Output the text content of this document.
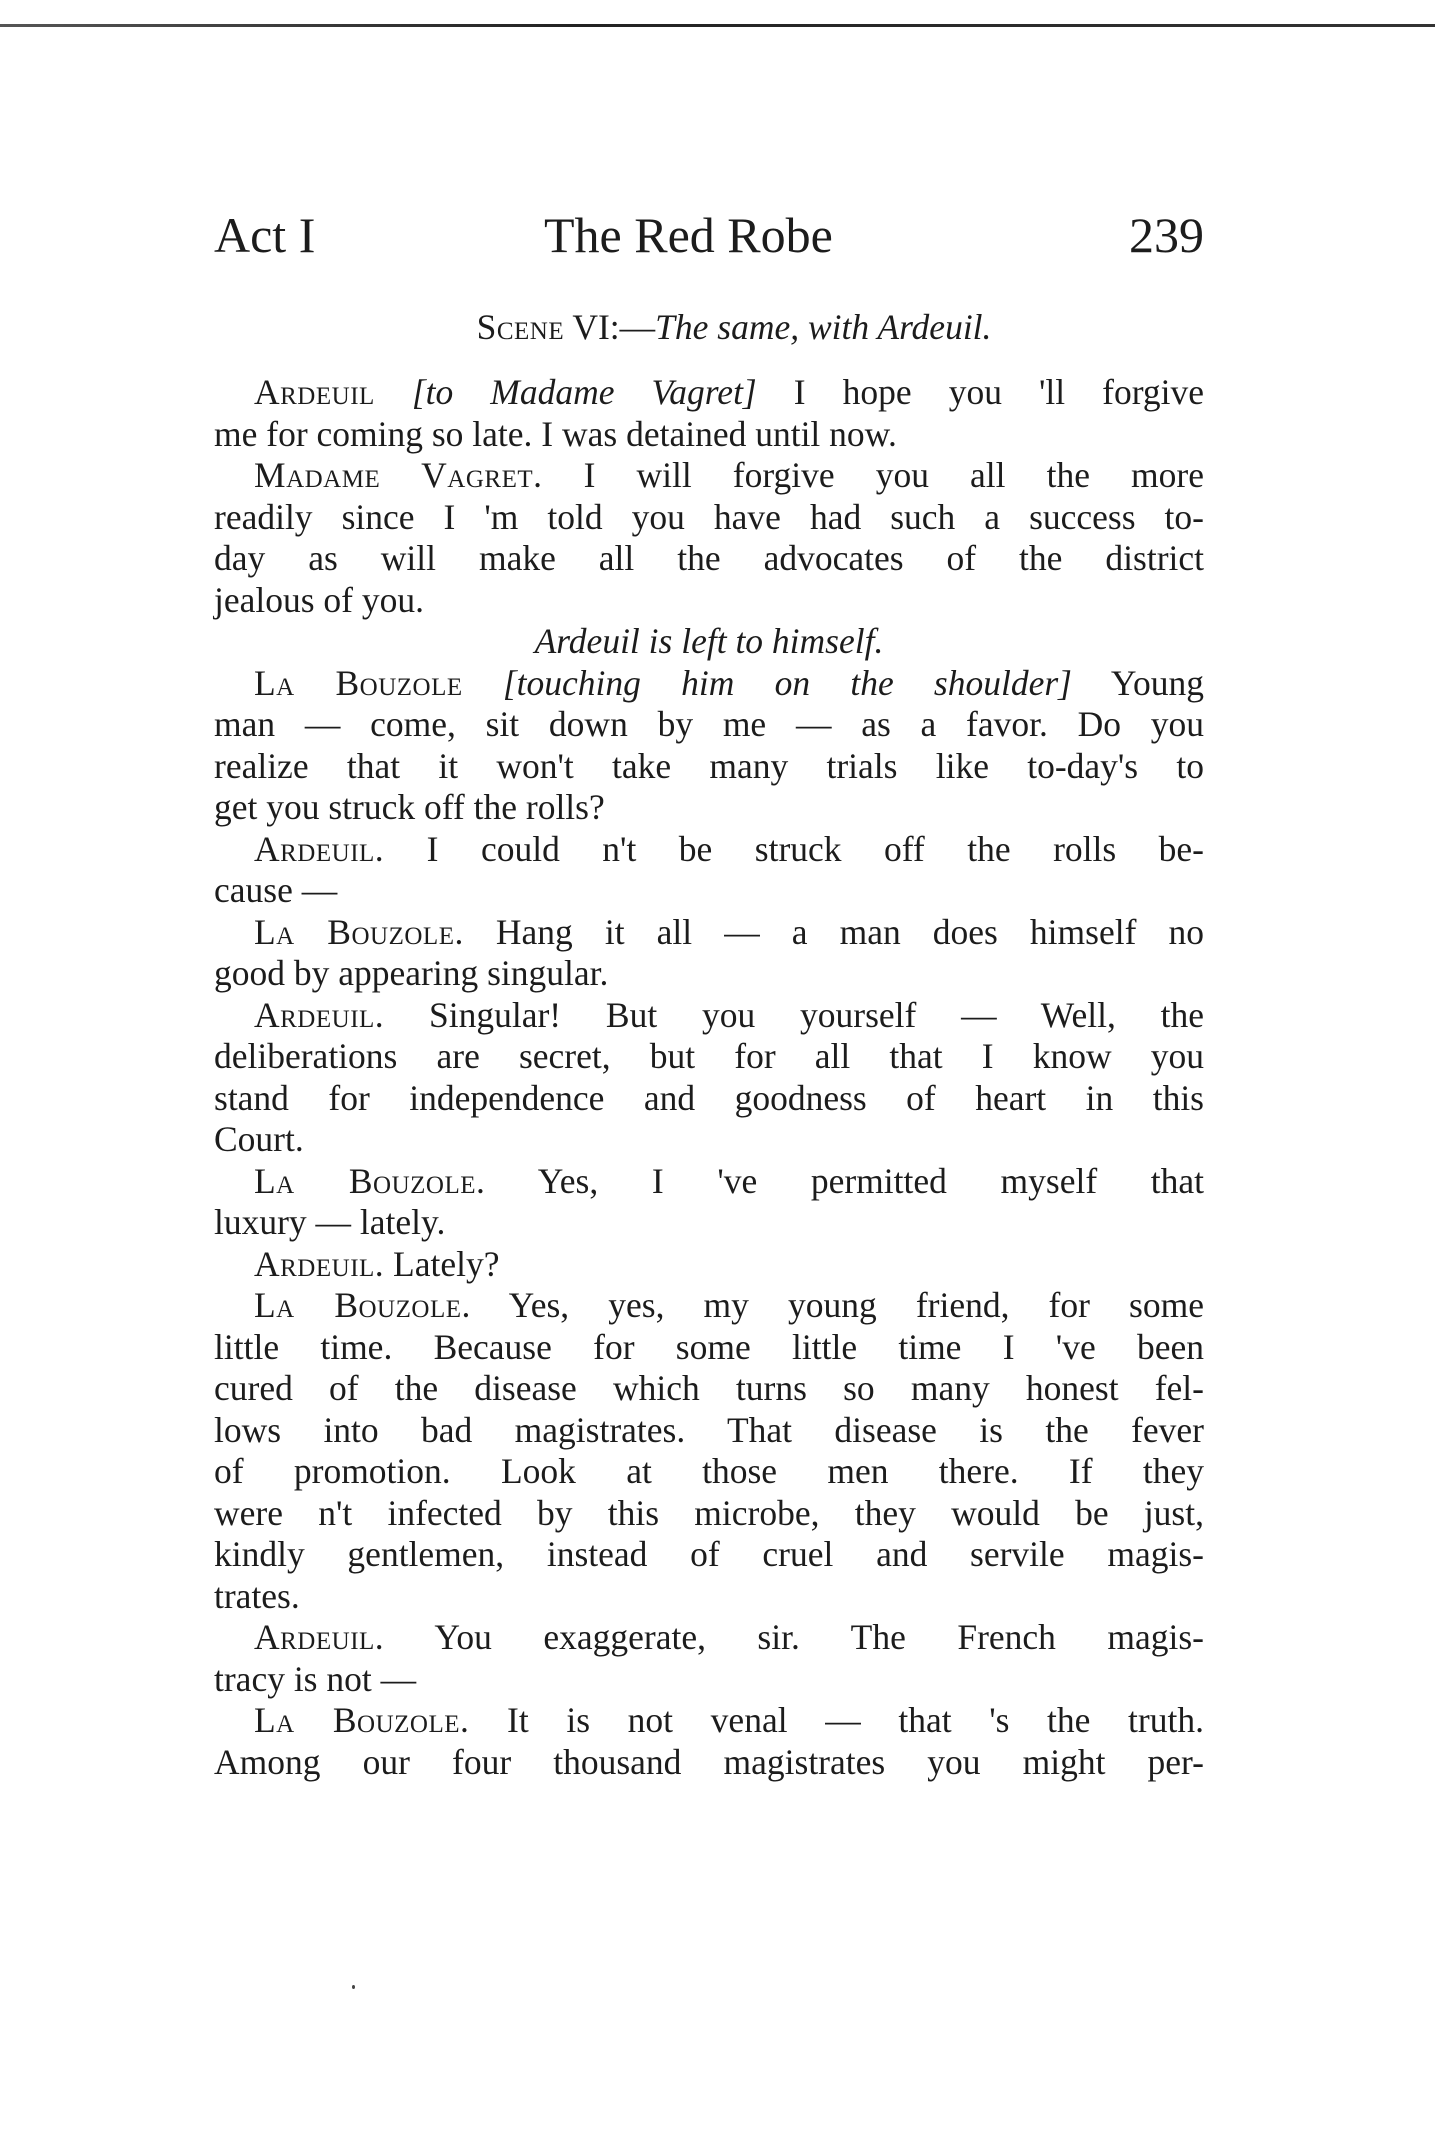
Act I	The Red Robe	239
Scene VI:—The same, with Ardeuil.
Ardeuil [to Madame Vagret] I hope you 'll forgive
me for coming so late. I was detained until now.
Madame Vagret. I will forgive you all the more
readily since I 'm told you have had such a success to-
day as will make all the advocates of the district
jealous of you.
Ardeuil is left to himself.
La Bouzole [touching him on the shoulder] Young
man — come, sit down by me — as a favor. Do you
realize that it won't take many trials like to-day's to
get you struck off the rolls?
Ardeuil. I could n't be struck off the rolls be-
cause —
La Bouzole. Hang it all — a man does himself no
good by appearing singular.
Ardeuil. Singular! But you yourself — Well, the
deliberations are secret, but for all that I know you
stand for independence and goodness of heart in this
Court.
La Bouzole. Yes, I 've permitted myself that
luxury — lately.
Ardeuil. Lately?
La Bouzole. Yes, yes, my young friend, for some
little time. Because for some little time I 've been
cured of the disease which turns so many honest fel-
lows into bad magistrates. That disease is the fever
of promotion. Look at those men there. If they
were n't infected by this microbe, they would be just,
kindly gentlemen, instead of cruel and servile magis-
trates.
Ardeuil. You exaggerate, sir. The French magis-
tracy is not —
La Bouzole. It is not venal — that 's the truth.
Among our four thousand magistrates you might per-
